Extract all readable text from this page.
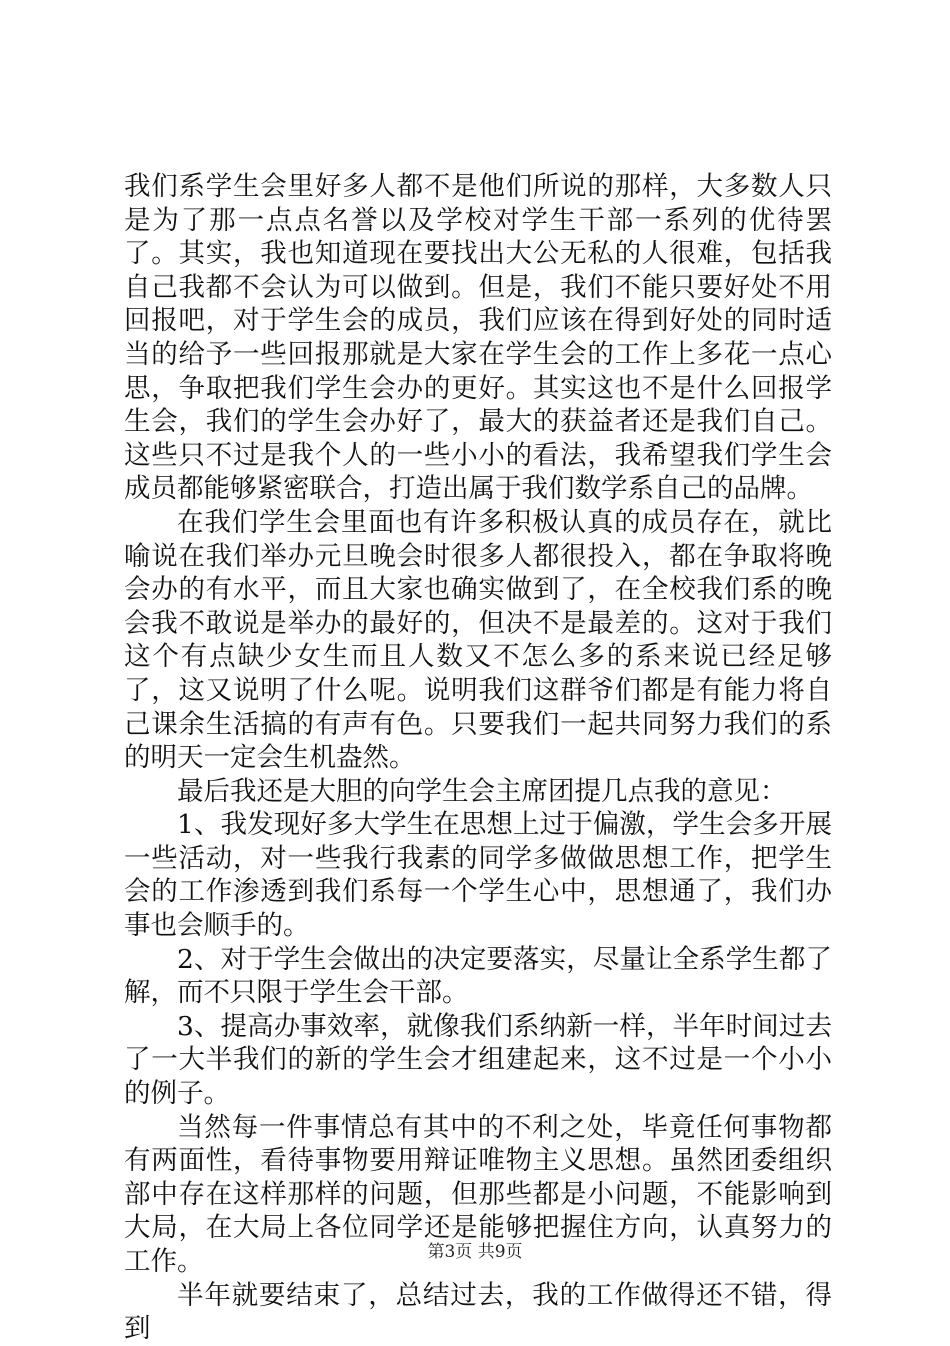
我们系学生会里好多人都不是他们所说的那样，大多数人只是为了那一点点名誉以及学校对学生干部一系列的优待罢了。其实，我也知道现在要找出大公无私的人很难，包括我自己我都不会认为可以做到。但是，我们不能只要好处不用回报吧，对于学生会的成员，我们应该在得到好处的同时适当的给予一些回报那就是大家在学生会的工作上多花一点心思，争取把我们学生会办的更好。其实这也不是什么回报学生会，我们的学生会办好了，最大的获益者还是我们自己。这些只不过是我个人的一些小小的看法，我希望我们学生会成员都能够紧密联合，打造出属于我们数学系自己的品牌。

在我们学生会里面也有许多积极认真的成员存在，就比喻说在我们举办元旦晚会时很多人都很投入，都在争取将晚会办的有水平，而且大家也确实做到了，在全校我们系的晚会我不敢说是举办的最好的，但决不是最差的。这对于我们这个有点缺少女生而且人数又不怎么多的系来说已经足够了，这又说明了什么呢。说明我们这群爷们都是有能力将自己课余生活搞的有声有色。只要我们一起共同努力我们的系的明天一定会生机盎然。

最后我还是大胆的向学生会主席团提几点我的意见：

1、我发现好多大学生在思想上过于偏激，学生会多开展一些活动，对一些我行我素的同学多做做思想工作，把学生会的工作渗透到我们系每一个学生心中，思想通了，我们办事也会顺手的。

2、对于学生会做出的决定要落实，尽量让全系学生都了解，而不只限于学生会干部。

3、提高办事效率，就像我们系纳新一样，半年时间过去了一大半我们的新的学生会才组建起来，这不过是一个小小的例子。

当然每一件事情总有其中的不利之处，毕竟任何事物都有两面性，看待事物要用辩证唯物主义思想。虽然团委组织部中存在这样那样的问题，但那些都是小问题，不能影响到大局，在大局上各位同学还是能够把握住方向，认真努力的工作。

半年就要结束了，总结过去，我的工作做得还不错，得到

第3页 共9页
